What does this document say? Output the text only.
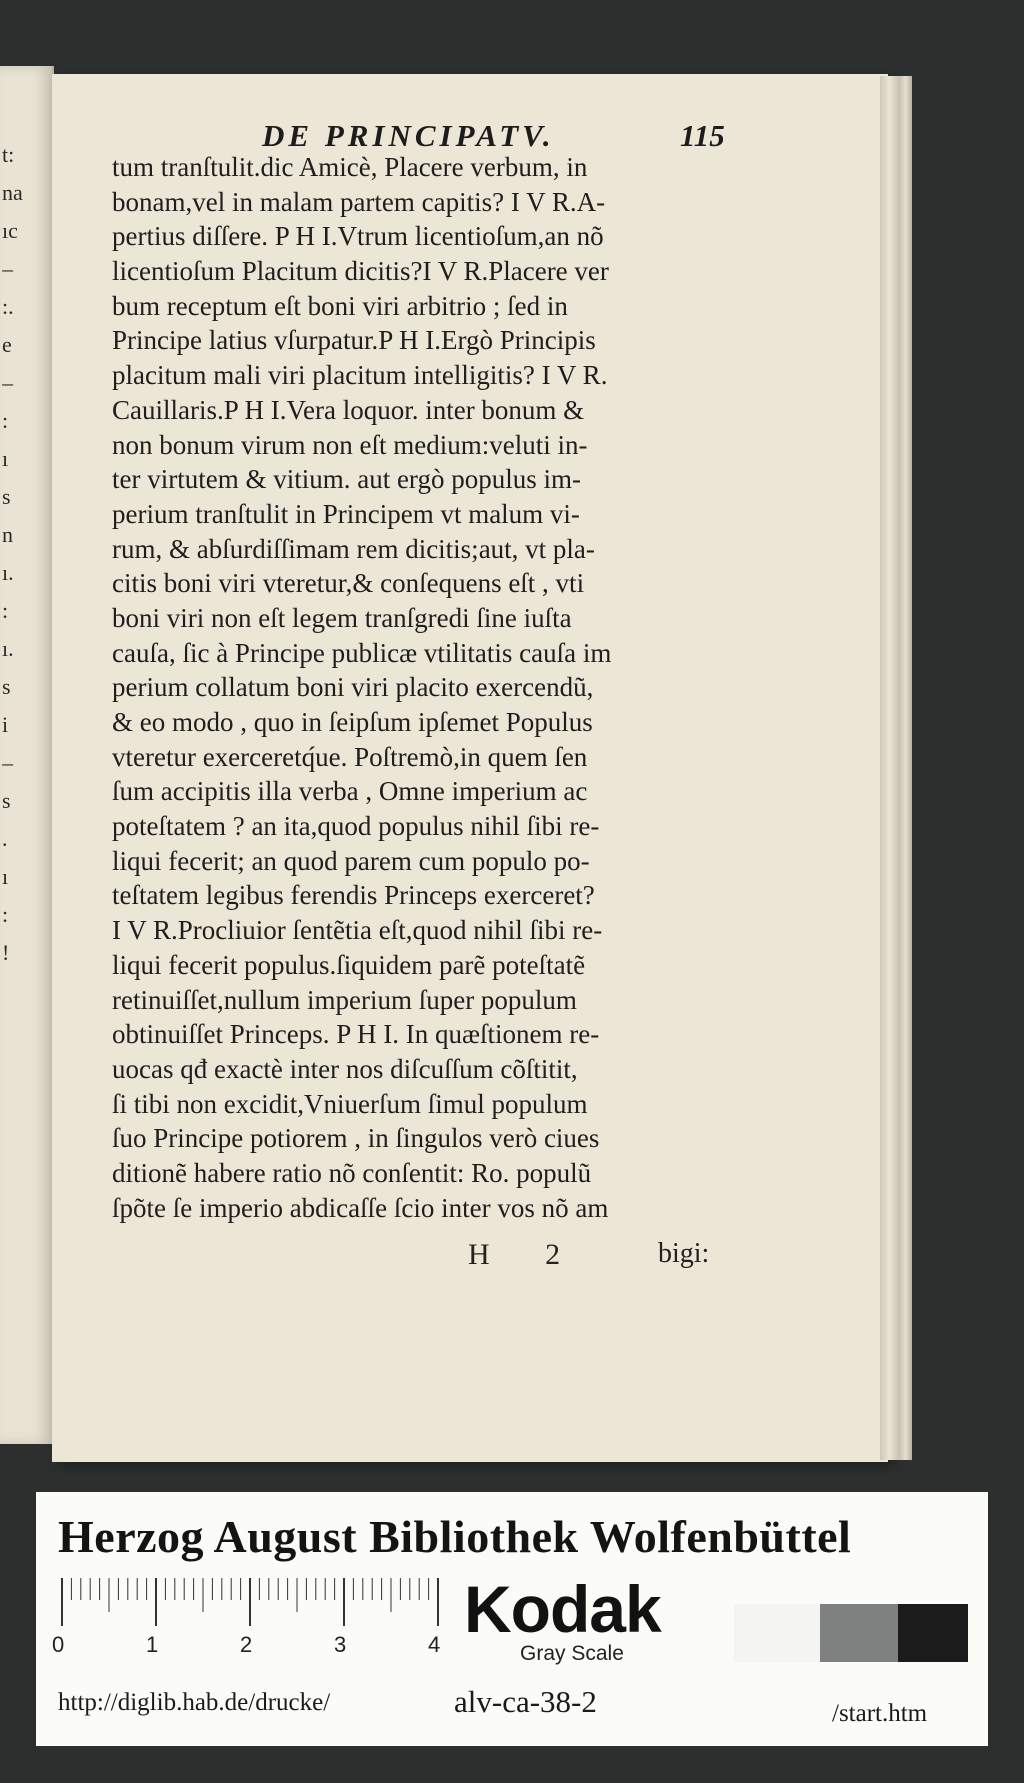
t:
na
ıc
–
:.
e
–
:
ı
s
n
ı.
:
ı.
s
i
–
s
.
ı
:
!
DE PRINCIPATV.	115
tum tranſtulit.dic Amicè, Placere verbum, in
bonam,vel in malam partem capitis? I V R.A-
pertius diſſere. P H I.Vtrum licentioſum,an nõ
licentioſum Placitum dicitis?I V R.Placere ver
bum receptum eſt boni viri arbitrio ; ſed in
Principe latius vſurpatur.P H I.Ergò Principis
placitum mali viri placitum intelligitis? I V R.
Cauillaris.P H I.Vera loquor. inter bonum &
non bonum virum non eſt medium:veluti in-
ter virtutem & vitium. aut ergò populus im-
perium tranſtulit in Principem vt malum vi-
rum, & abſurdiſſimam rem dicitis;aut, vt pla-
citis boni viri vteretur,& conſequens eſt , vti
boni viri non eſt legem tranſgredi ſine iuſta
cauſa, ſic à Principe publicæ vtilitatis cauſa im
perium collatum boni viri placito exercendũ,
& eo modo , quo in ſeipſum ipſemet Populus
vteretur exerceretq́ue. Poſtremò,in quem ſen
ſum accipitis illa verba , Omne imperium ac
poteſtatem ? an ita,quod populus nihil ſibi re-
liqui fecerit; an quod parem cum populo po-
teſtatem legibus ferendis Princeps exerceret?
I V R.Procliuior ſentẽtia eſt,quod nihil ſibi re-
liqui fecerit populus.ſiquidem parẽ poteſtatẽ
retinuiſſet,nullum imperium ſuper populum
obtinuiſſet Princeps. P H I. In quæſtionem re-
uocas qđ exactè inter nos diſcuſſum cõſtitit,
ſi tibi non excidit,Vniuerſum ſimul populum
ſuo Principe potiorem , in ſingulos verò ciues
ditionẽ habere ratio nõ conſentit: Ro. populũ
ſpõte ſe imperio abdicaſſe ſcio inter vos nõ am
H 2	bigi:
Herzog August Bibliothek Wolfenbüttel
0	1	2	3	4 Kodak
Gray Scale
http://diglib.hab.de/drucke/	alv-ca-38-2	/start.htm
